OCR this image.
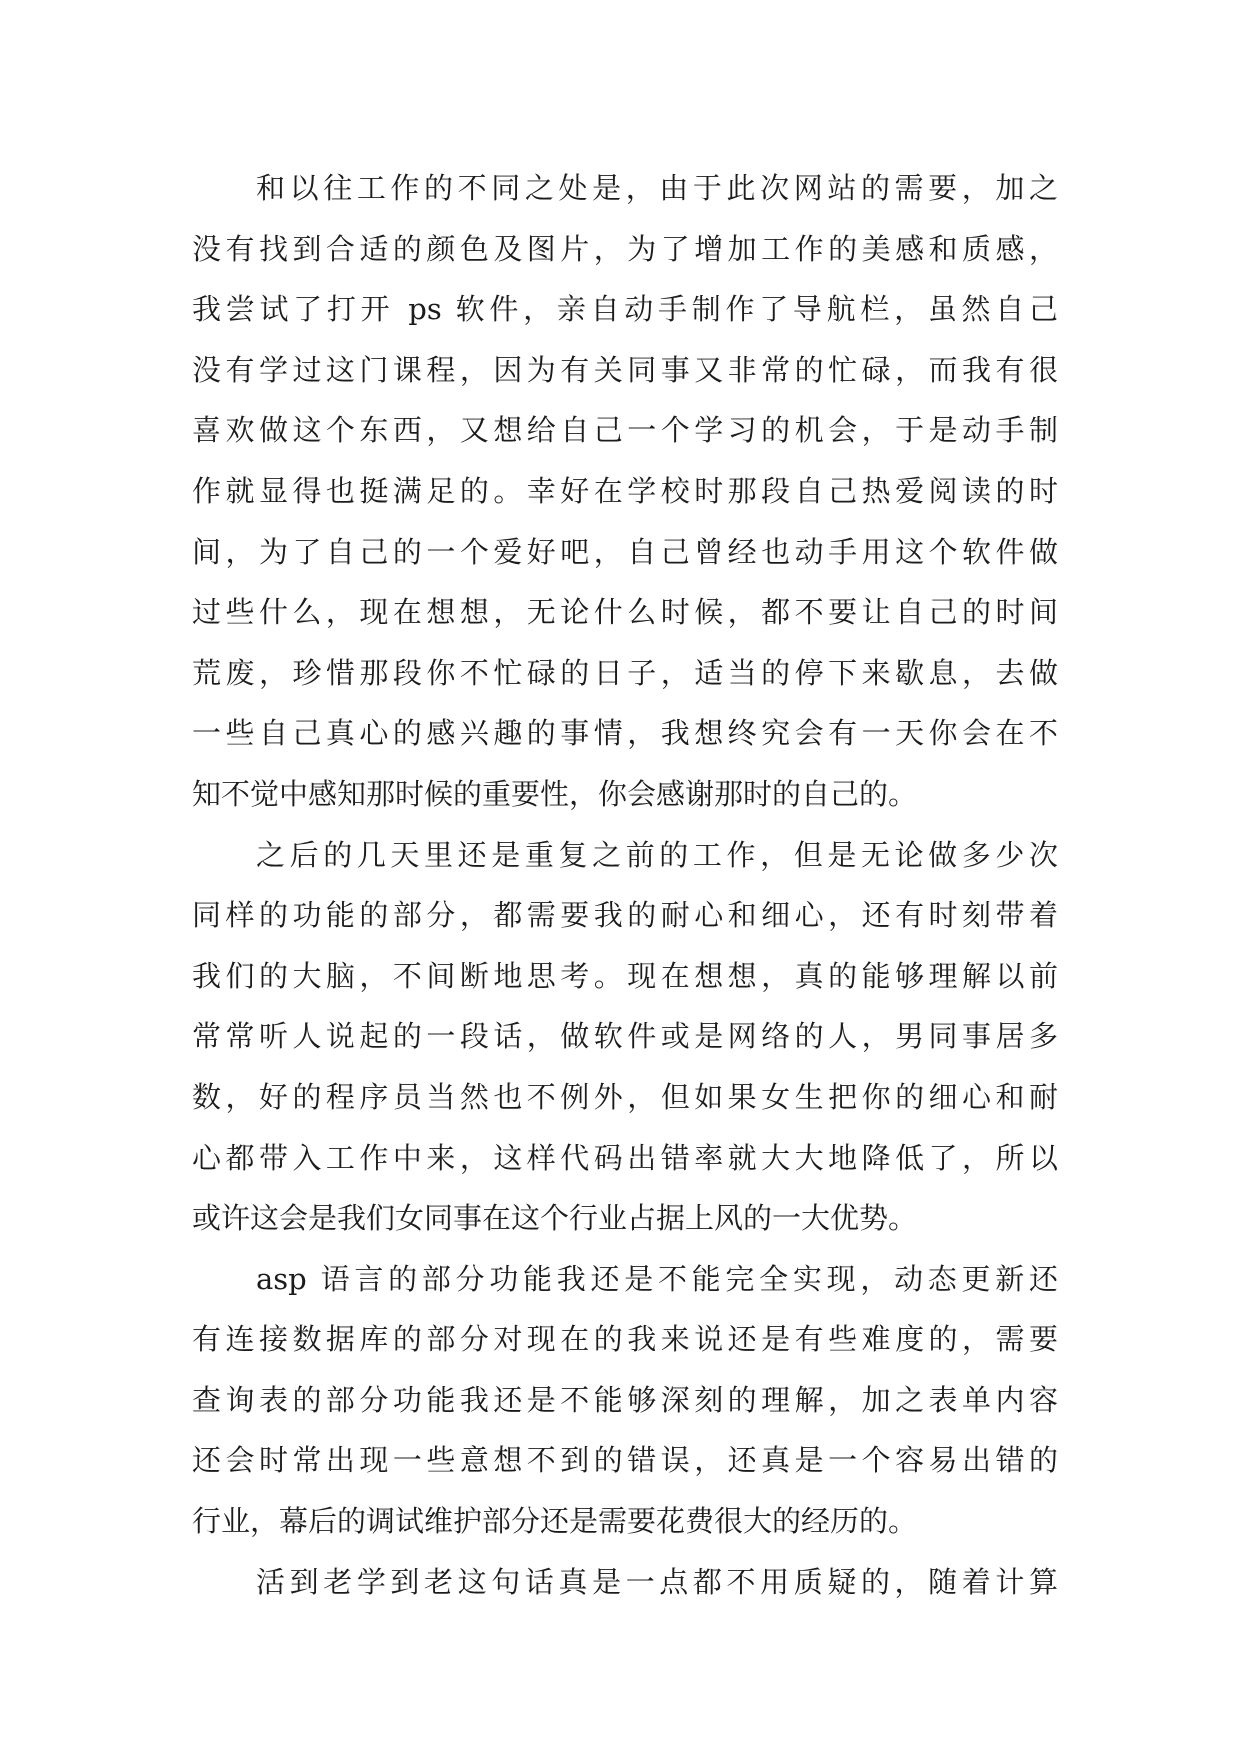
和以往工作的不同之处是，由于此次网站的需要，加之
没有找到合适的颜色及图片，为了增加工作的美感和质感，
我尝试了打开 ps 软件，亲自动手制作了导航栏，虽然自己
没有学过这门课程，因为有关同事又非常的忙碌，而我有很
喜欢做这个东西，又想给自己一个学习的机会，于是动手制
作就显得也挺满足的。幸好在学校时那段自己热爱阅读的时
间，为了自己的一个爱好吧，自己曾经也动手用这个软件做
过些什么，现在想想，无论什么时候，都不要让自己的时间
荒废，珍惜那段你不忙碌的日子，适当的停下来歇息，去做
一些自己真心的感兴趣的事情，我想终究会有一天你会在不
知不觉中感知那时候的重要性，你会感谢那时的自己的。
之后的几天里还是重复之前的工作，但是无论做多少次
同样的功能的部分，都需要我的耐心和细心，还有时刻带着
我们的大脑，不间断地思考。现在想想，真的能够理解以前
常常听人说起的一段话，做软件或是网络的人，男同事居多
数，好的程序员当然也不例外，但如果女生把你的细心和耐
心都带入工作中来，这样代码出错率就大大地降低了，所以
或许这会是我们女同事在这个行业占据上风的一大优势。
asp 语言的部分功能我还是不能完全实现，动态更新还
有连接数据库的部分对现在的我来说还是有些难度的，需要
查询表的部分功能我还是不能够深刻的理解，加之表单内容
还会时常出现一些意想不到的错误，还真是一个容易出错的
行业，幕后的调试维护部分还是需要花费很大的经历的。
活到老学到老这句话真是一点都不用质疑的，随着计算
